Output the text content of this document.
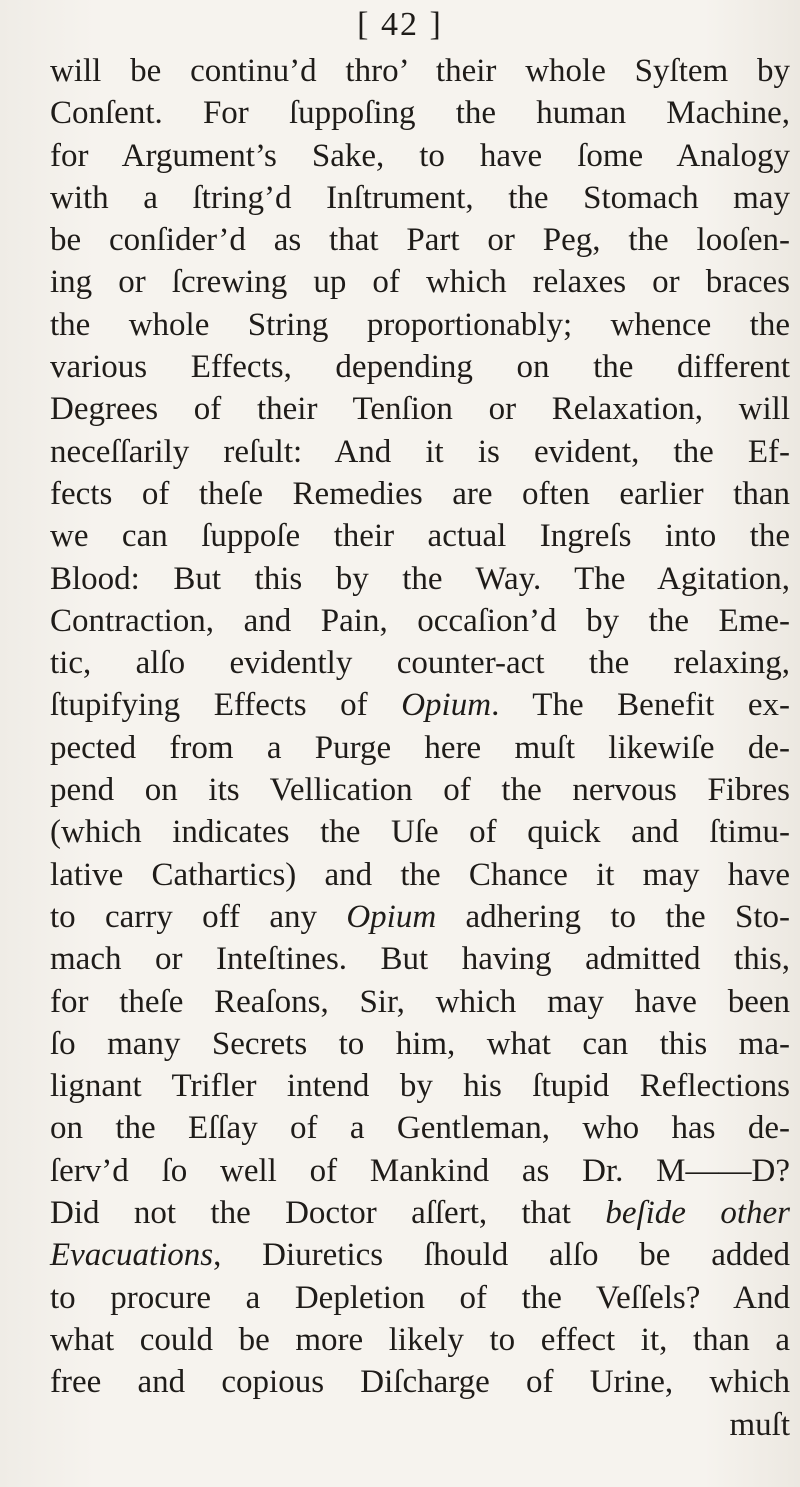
[ 42 ]
will be continu’d thro’ their whole Syſtem by
Conſent. For ſuppoſing the human Machine,
for Argument’s Sake, to have ſome Analogy
with a ſtring’d Inſtrument, the Stomach may
be conſider’d as that Part or Peg, the looſen-
ing or ſcrewing up of which relaxes or braces
the whole String proportionably; whence the
various Effects, depending on the different
Degrees of their Tenſion or Relaxation, will
neceſſarily reſult: And it is evident, the Ef-
fects of theſe Remedies are often earlier than
we can ſuppoſe their actual Ingreſs into the
Blood: But this by the Way. The Agitation,
Contraction, and Pain, occaſion’d by the Eme-
tic, alſo evidently counter-act the relaxing,
ſtupifying Effects of Opium. The Benefit ex-
pected from a Purge here muſt likewiſe de-
pend on its Vellication of the nervous Fibres
(which indicates the Uſe of quick and ſtimu-
lative Cathartics) and the Chance it may have
to carry off any Opium adhering to the Sto-
mach or Inteſtines. But having admitted this,
for theſe Reaſons, Sir, which may have been
ſo many Secrets to him, what can this ma-
lignant Trifler intend by his ſtupid Reflections
on the Eſſay of a Gentleman, who has de-
ſerv’d ſo well of Mankind as Dr. M——D?
Did not the Doctor aſſert, that beſide other
Evacuations, Diuretics ſhould alſo be added
to procure a Depletion of the Veſſels? And
what could be more likely to effect it, than a
free and copious Diſcharge of Urine, which
muſt
